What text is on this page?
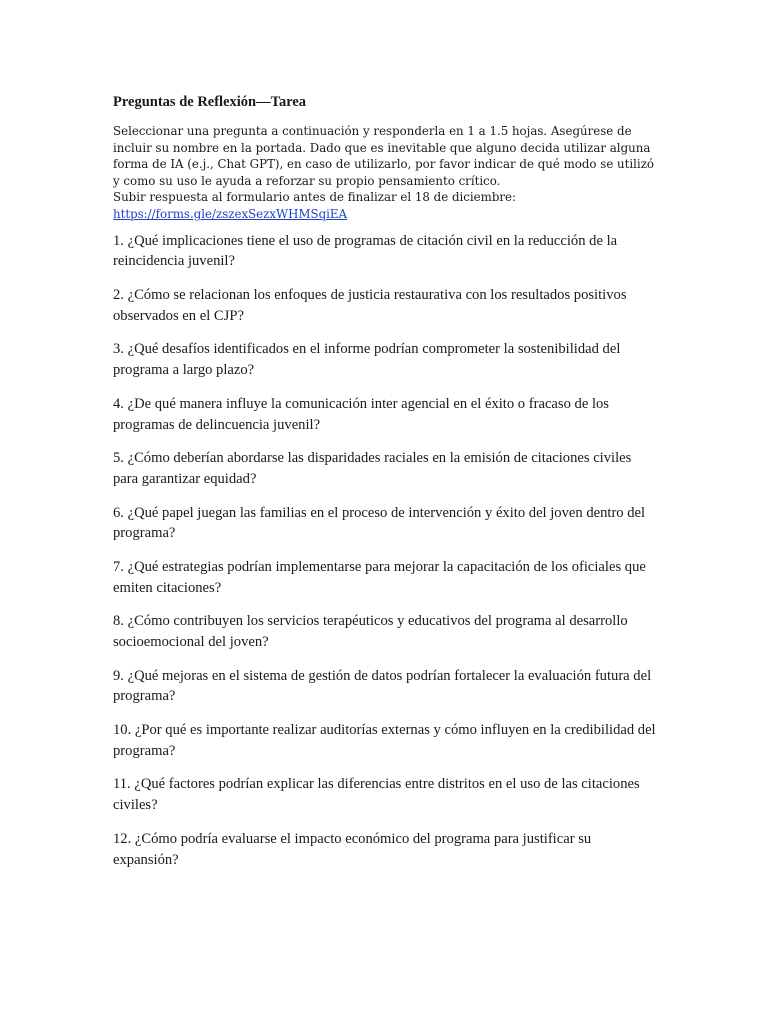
Preguntas de Reflexión—Tarea

Seleccionar una pregunta a continuación y responderla en 1 a 1.5 hojas. Asegúrese de incluir su nombre en la portada. Dado que es inevitable que alguno decida utilizar alguna forma de IA (e.j., Chat GPT), en caso de utilizarlo, por favor indicar de qué modo se utilizó y como su uso le ayuda a reforzar su propio pensamiento crítico.

Subir respuesta al formulario antes de finalizar el 18 de diciembre:

https://forms.gle/zszexSezxWHMSqiEA

1. ¿Qué implicaciones tiene el uso de programas de citación civil en la reducción de la reincidencia juvenil?
2. ¿Cómo se relacionan los enfoques de justicia restaurativa con los resultados positivos observados en el CJP?
3. ¿Qué desafíos identificados en el informe podrían comprometer la sostenibilidad del programa a largo plazo?
4. ¿De qué manera influye la comunicación inter agencial en el éxito o fracaso de los programas de delincuencia juvenil?
5. ¿Cómo deberían abordarse las disparidades raciales en la emisión de citaciones civiles para garantizar equidad?
6. ¿Qué papel juegan las familias en el proceso de intervención y éxito del joven dentro del programa?
7. ¿Qué estrategias podrían implementarse para mejorar la capacitación de los oficiales que emiten citaciones?
8. ¿Cómo contribuyen los servicios terapéuticos y educativos del programa al desarrollo socioemocional del joven?
9. ¿Qué mejoras en el sistema de gestión de datos podrían fortalecer la evaluación futura del programa?
10. ¿Por qué es importante realizar auditorías externas y cómo influyen en la credibilidad del programa?
11. ¿Qué factores podrían explicar las diferencias entre distritos en el uso de las citaciones civiles?
12. ¿Cómo podría evaluarse el impacto económico del programa para justificar su expansión?
